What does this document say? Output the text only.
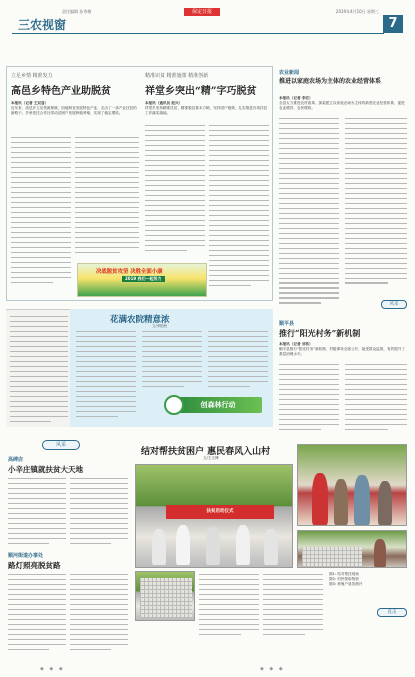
责任编辑 孙秀梅	2019年4月10日 星期三
保定日报
三农视窗	7
立足乡情 精准发力
高邑乡特色产业助脱贫
本报讯（记者 王双喜）
近年来，高邑乡立足资源禀赋，因地制宜发展特色产业，走出了一条产业扶贫的新路子。乡里依托合作社带动贫困户发展种植养殖，实现了稳定增收。
精准识贫 精准施策 精准创新
祥堂乡突出“精”字巧脱贫
本报讯（通讯员 赵兴）
祥堂乡坚持精准扶贫、精准脱贫基本方略，坚持因户施策，扎实推进各项扶贫工作落实落地。
决战脱贫攻坚 决胜全面小康
2019 我们一起努力
农业新闻
推进以家庭农场为主体的农业经营体系
本报讯（记者 李宏）
全县大力推进农村改革，探索建立以家庭农场为主体的新型农业经营体系，促进农业增效、农民增收。
风采
顺平县
推行“阳光村务”新机制
本报讯（记者 刘苗）
顺平县推行“阳光村务”新机制，村级事务全部公开，接受群众监督，有效提升了基层治理水平。
花满农院精意浓
文/李艳秋
创森林行动
风采
高碑店
小辛庄镇就扶贫大天地
顺河街道办事处
路灯照亮脱贫路
结对帮扶贫困户 惠民春风入山村
文/王文博
扶贫启动仪式
图1: 结对帮扶现场
图2: 村民领取物资
图3: 养殖户喜笑颜开
直击
◆ ◆ ◆
◆ ◆ ◆
